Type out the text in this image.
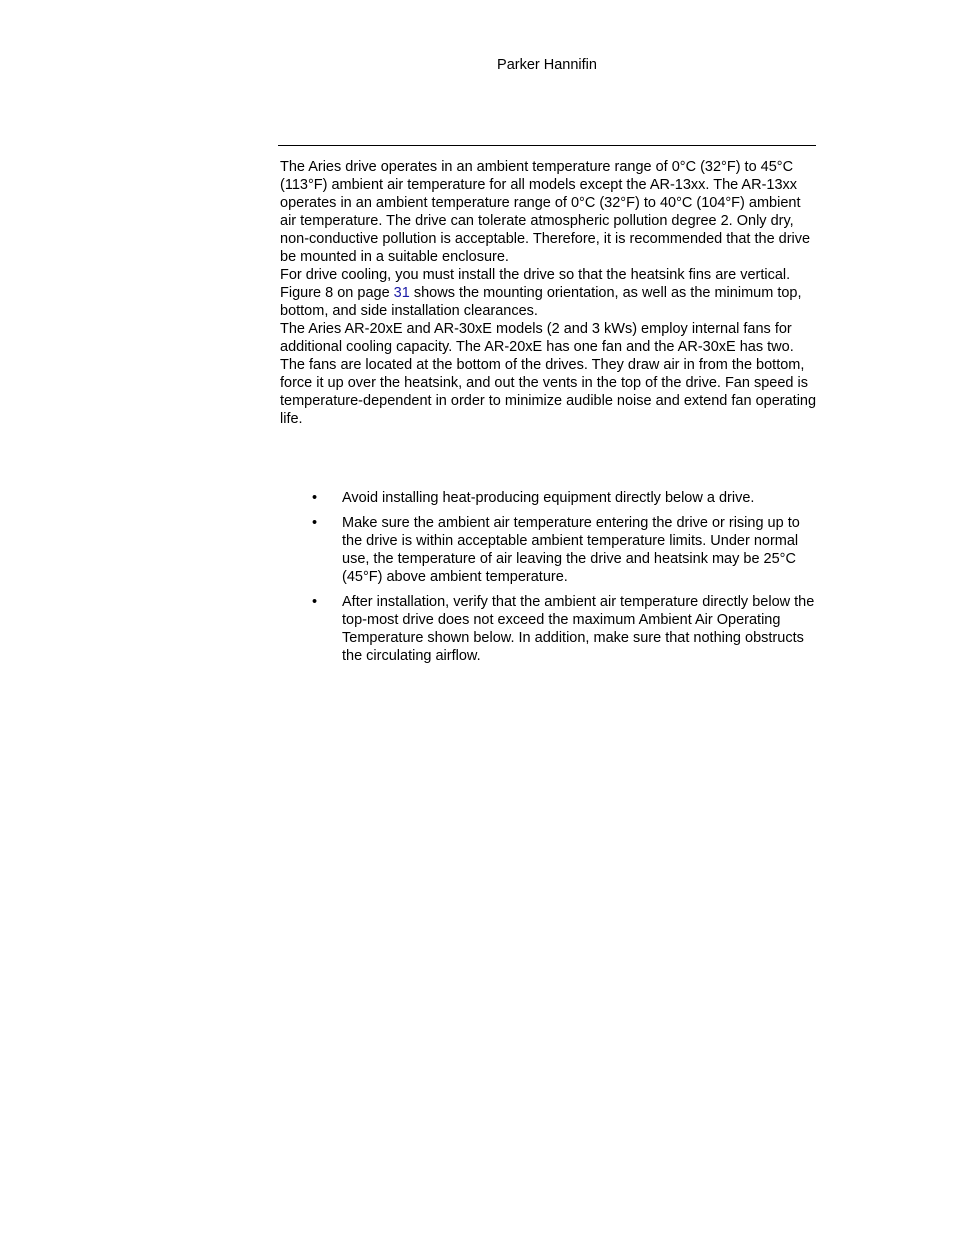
Parker Hannifin

The Aries drive operates in an ambient temperature range of 0°C (32°F) to 45°C (113°F) ambient air temperature for all models except the AR-13xx. The AR-13xx operates in an ambient temperature range of 0°C (32°F) to 40°C (104°F) ambient air temperature. The drive can tolerate atmospheric pollution degree 2. Only dry, non-conductive pollution is acceptable. Therefore, it is recommended that the drive be mounted in a suitable enclosure.

For drive cooling, you must install the drive so that the heatsink fins are vertical. Figure 8 on page 31 shows the mounting orientation, as well as the minimum top, bottom, and side installation clearances.

The Aries AR-20xE and AR-30xE models (2 and 3 kWs) employ internal fans for additional cooling capacity. The AR-20xE has one fan and the AR-30xE has two. The fans are located at the bottom of the drives. They draw air in from the bottom, force it up over the heatsink, and out the vents in the top of the drive. Fan speed is temperature-dependent in order to minimize audible noise and extend fan operating life.

• Avoid installing heat-producing equipment directly below a drive.
• Make sure the ambient air temperature entering the drive or rising up to the drive is within acceptable ambient temperature limits. Under normal use, the temperature of air leaving the drive and heatsink may be 25°C (45°F) above ambient temperature.
• After installation, verify that the ambient air temperature directly below the top-most drive does not exceed the maximum Ambient Air Operating Temperature shown below. In addition, make sure that nothing obstructs the circulating airflow.
